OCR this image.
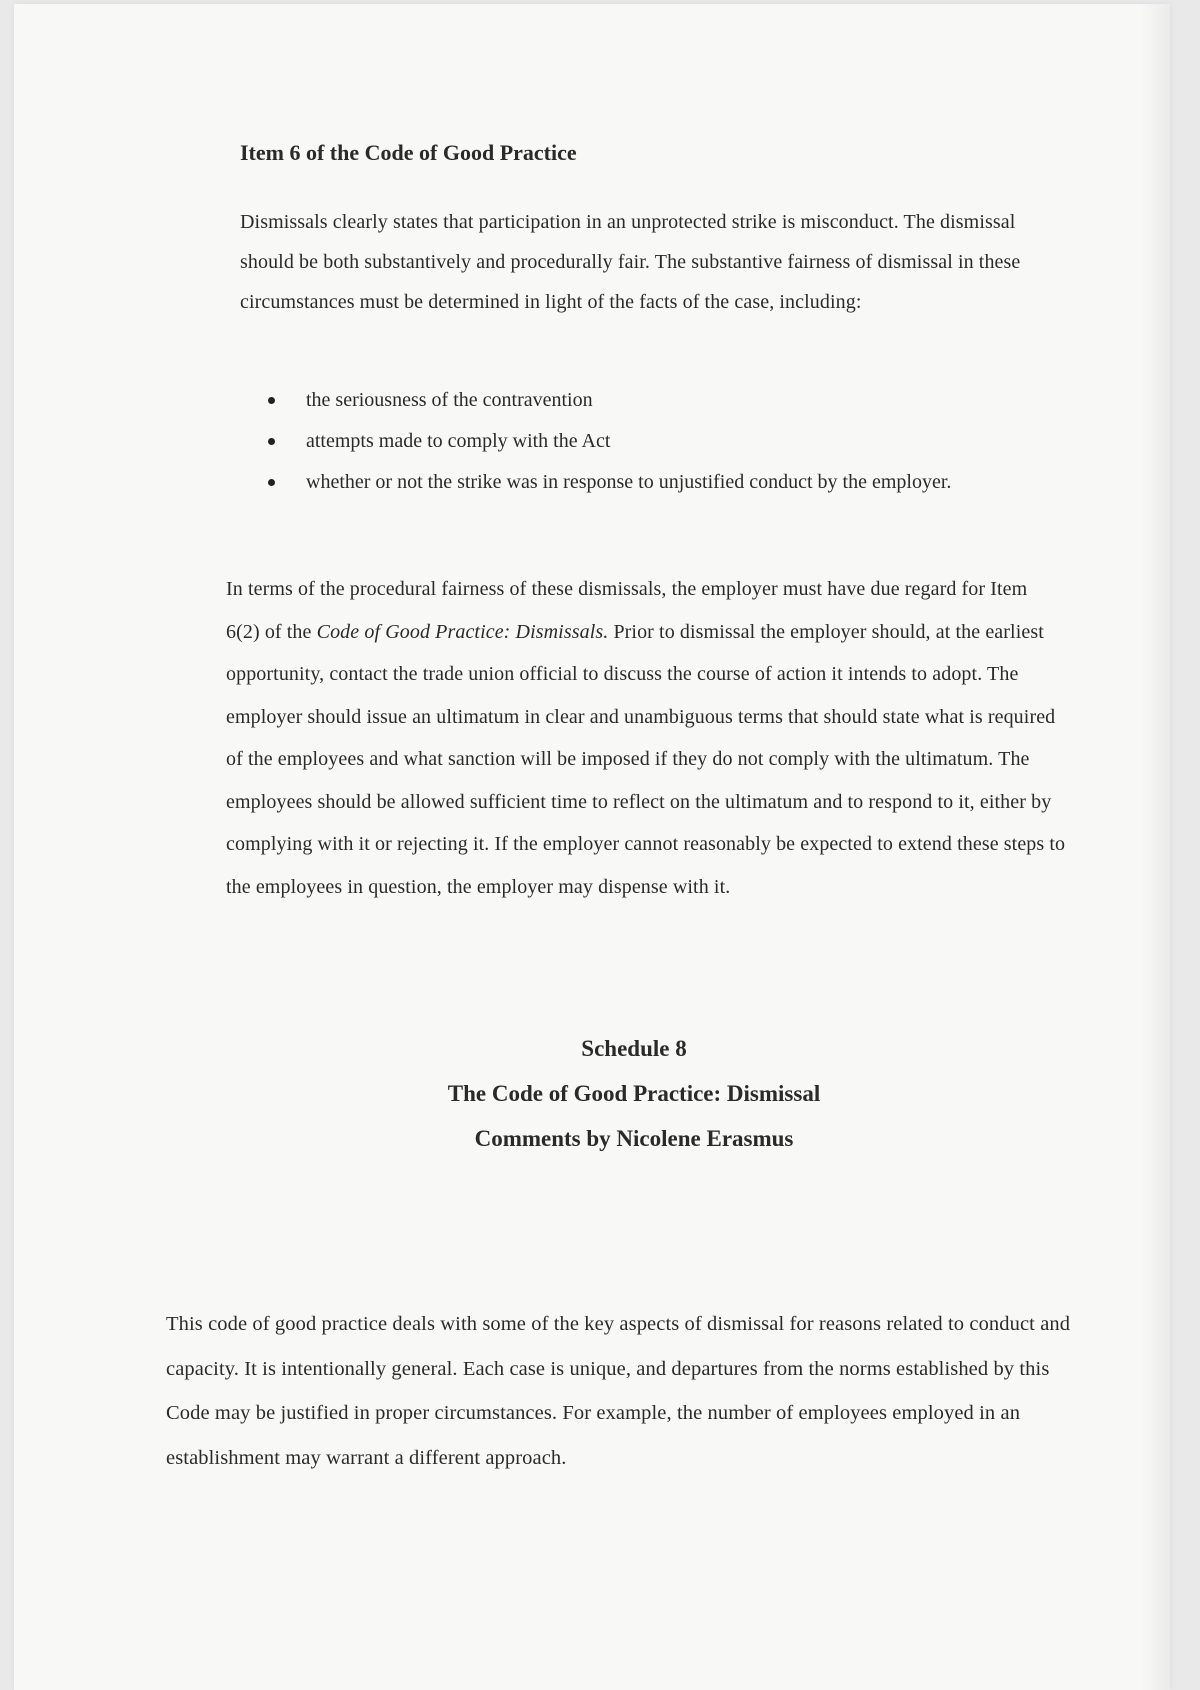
Item 6 of the Code of Good Practice

Dismissals clearly states that participation in an unprotected strike is misconduct. The dismissal should be both substantively and procedurally fair. The substantive fairness of dismissal in these circumstances must be determined in light of the facts of the case, including:

the seriousness of the contravention
attempts made to comply with the Act
whether or not the strike was in response to unjustified conduct by the employer.

In terms of the procedural fairness of these dismissals, the employer must have due regard for Item 6(2) of the Code of Good Practice: Dismissals. Prior to dismissal the employer should, at the earliest opportunity, contact the trade union official to discuss the course of action it intends to adopt. The employer should issue an ultimatum in clear and unambiguous terms that should state what is required of the employees and what sanction will be imposed if they do not comply with the ultimatum. The employees should be allowed sufficient time to reflect on the ultimatum and to respond to it, either by complying with it or rejecting it. If the employer cannot reasonably be expected to extend these steps to the employees in question, the employer may dispense with it.

Schedule 8
The Code of Good Practice: Dismissal
Comments by Nicolene Erasmus

This code of good practice deals with some of the key aspects of dismissal for reasons related to conduct and capacity. It is intentionally general. Each case is unique, and departures from the norms established by this Code may be justified in proper circumstances. For example, the number of employees employed in an establishment may warrant a different approach.
